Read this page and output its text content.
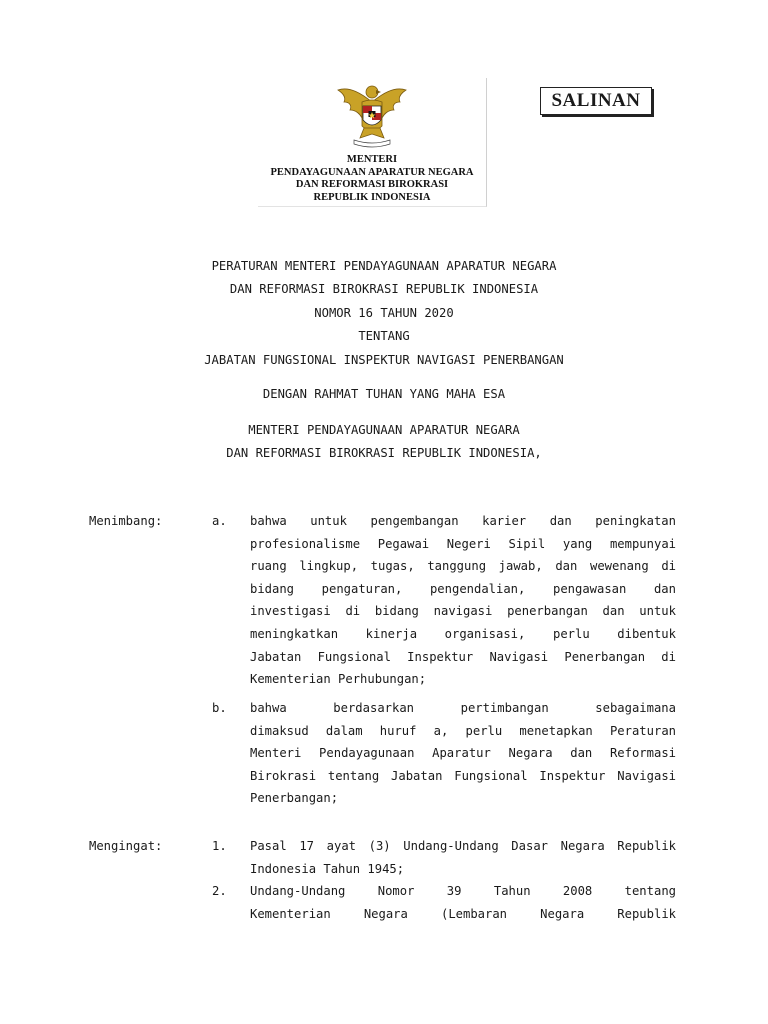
MENTERI
PENDAYAGUNAAN APARATUR NEGARA
DAN REFORMASI BIROKRASI
REPUBLIK INDONESIA
SALINAN
PERATURAN MENTERI PENDAYAGUNAAN APARATUR NEGARA
DAN REFORMASI BIROKRASI REPUBLIK INDONESIA
NOMOR 16 TAHUN 2020
TENTANG
JABATAN FUNGSIONAL INSPEKTUR NAVIGASI PENERBANGAN
DENGAN RAHMAT TUHAN YANG MAHA ESA
MENTERI PENDAYAGUNAAN APARATUR NEGARA
DAN REFORMASI BIROKRASI REPUBLIK INDONESIA,
Menimbang:	a. bahwa untuk pengembangan karier dan peningkatan
profesionalisme Pegawai Negeri Sipil yang mempunyai
ruang lingkup, tugas, tanggung jawab, dan wewenang di
bidang pengaturan, pengendalian, pengawasan dan
investigasi di bidang navigasi penerbangan dan untuk
meningkatkan kinerja organisasi, perlu dibentuk
Jabatan Fungsional Inspektur Navigasi Penerbangan di
Kementerian Perhubungan;
b. bahwa berdasarkan pertimbangan sebagaimana
dimaksud dalam huruf a, perlu menetapkan Peraturan
Menteri Pendayagunaan Aparatur Negara dan Reformasi
Birokrasi tentang Jabatan Fungsional Inspektur Navigasi
Penerbangan;
Mengingat:	1. Pasal 17 ayat (3) Undang-Undang Dasar Negara Republik
Indonesia Tahun 1945;
2. Undang-Undang Nomor 39 Tahun 2008 tentang
Kementerian Negara (Lembaran Negara Republik
